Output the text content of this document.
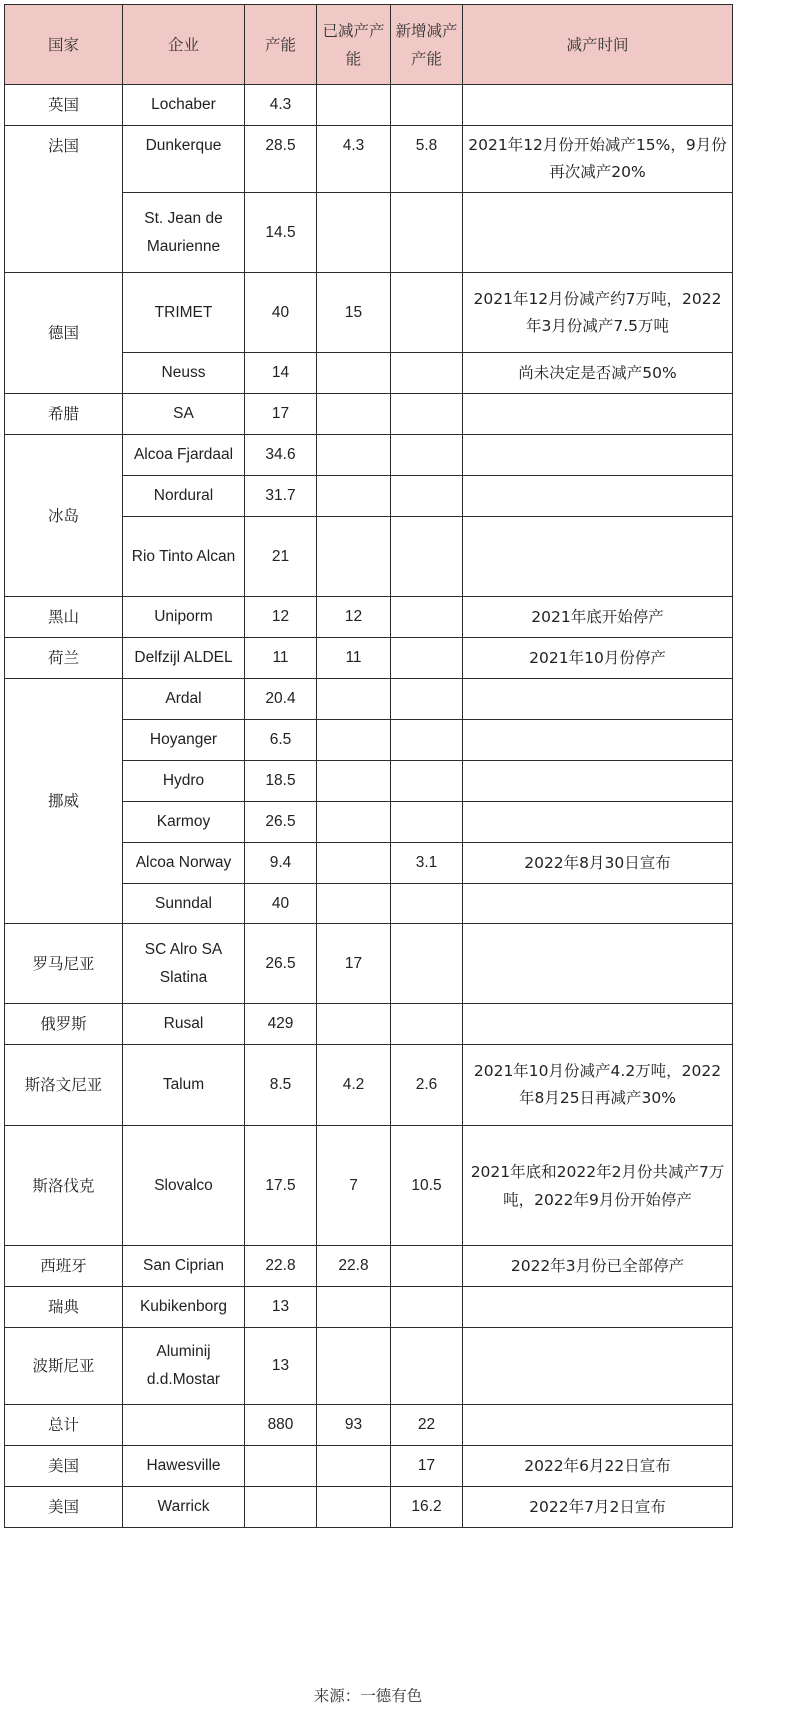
国家	企业	产能	已减产产能	新增减产产能	减产时间
英国	Lochaber	4.3			
法国	Dunkerque	28.5	4.3	5.8	2021年12月份开始减产15%，9月份再次减产20%
	St. Jean de Maurienne	14.5			
德国	TRIMET	40	15		2021年12月份减产约7万吨，2022年3月份减产7.5万吨
	Neuss	14			尚未决定是否减产50%
希腊	SA	17			
冰岛	Alcoa Fjardaal	34.6			
	Nordural	31.7			
	Rio Tinto Alcan	21			
黑山	Uniporm	12	12		2021年底开始停产
荷兰	Delfzijl ALDEL	11	11		2021年10月份停产
挪威	Ardal	20.4			
	Hoyanger	6.5			
	Hydro	18.5			
	Karmoy	26.5			
	Alcoa Norway	9.4		3.1	2022年8月30日宣布
	Sunndal	40			
罗马尼亚	SC Alro SA Slatina	26.5	17		
俄罗斯	Rusal	429			
斯洛文尼亚	Talum	8.5	4.2	2.6	2021年10月份减产4.2万吨，2022年8月25日再减产30%
斯洛伐克	Slovalco	17.5	7	10.5	2021年底和2022年2月份共减产7万吨，2022年9月份开始停产
西班牙	San Ciprian	22.8	22.8		2022年3月份已全部停产
瑞典	Kubikenborg	13			
波斯尼亚	Aluminij d.d.Mostar	13			
总计		880	93	22	
美国	Hawesville			17	2022年6月22日宣布
美国	Warrick			16.2	2022年7月2日宣布
来源：一德有色
